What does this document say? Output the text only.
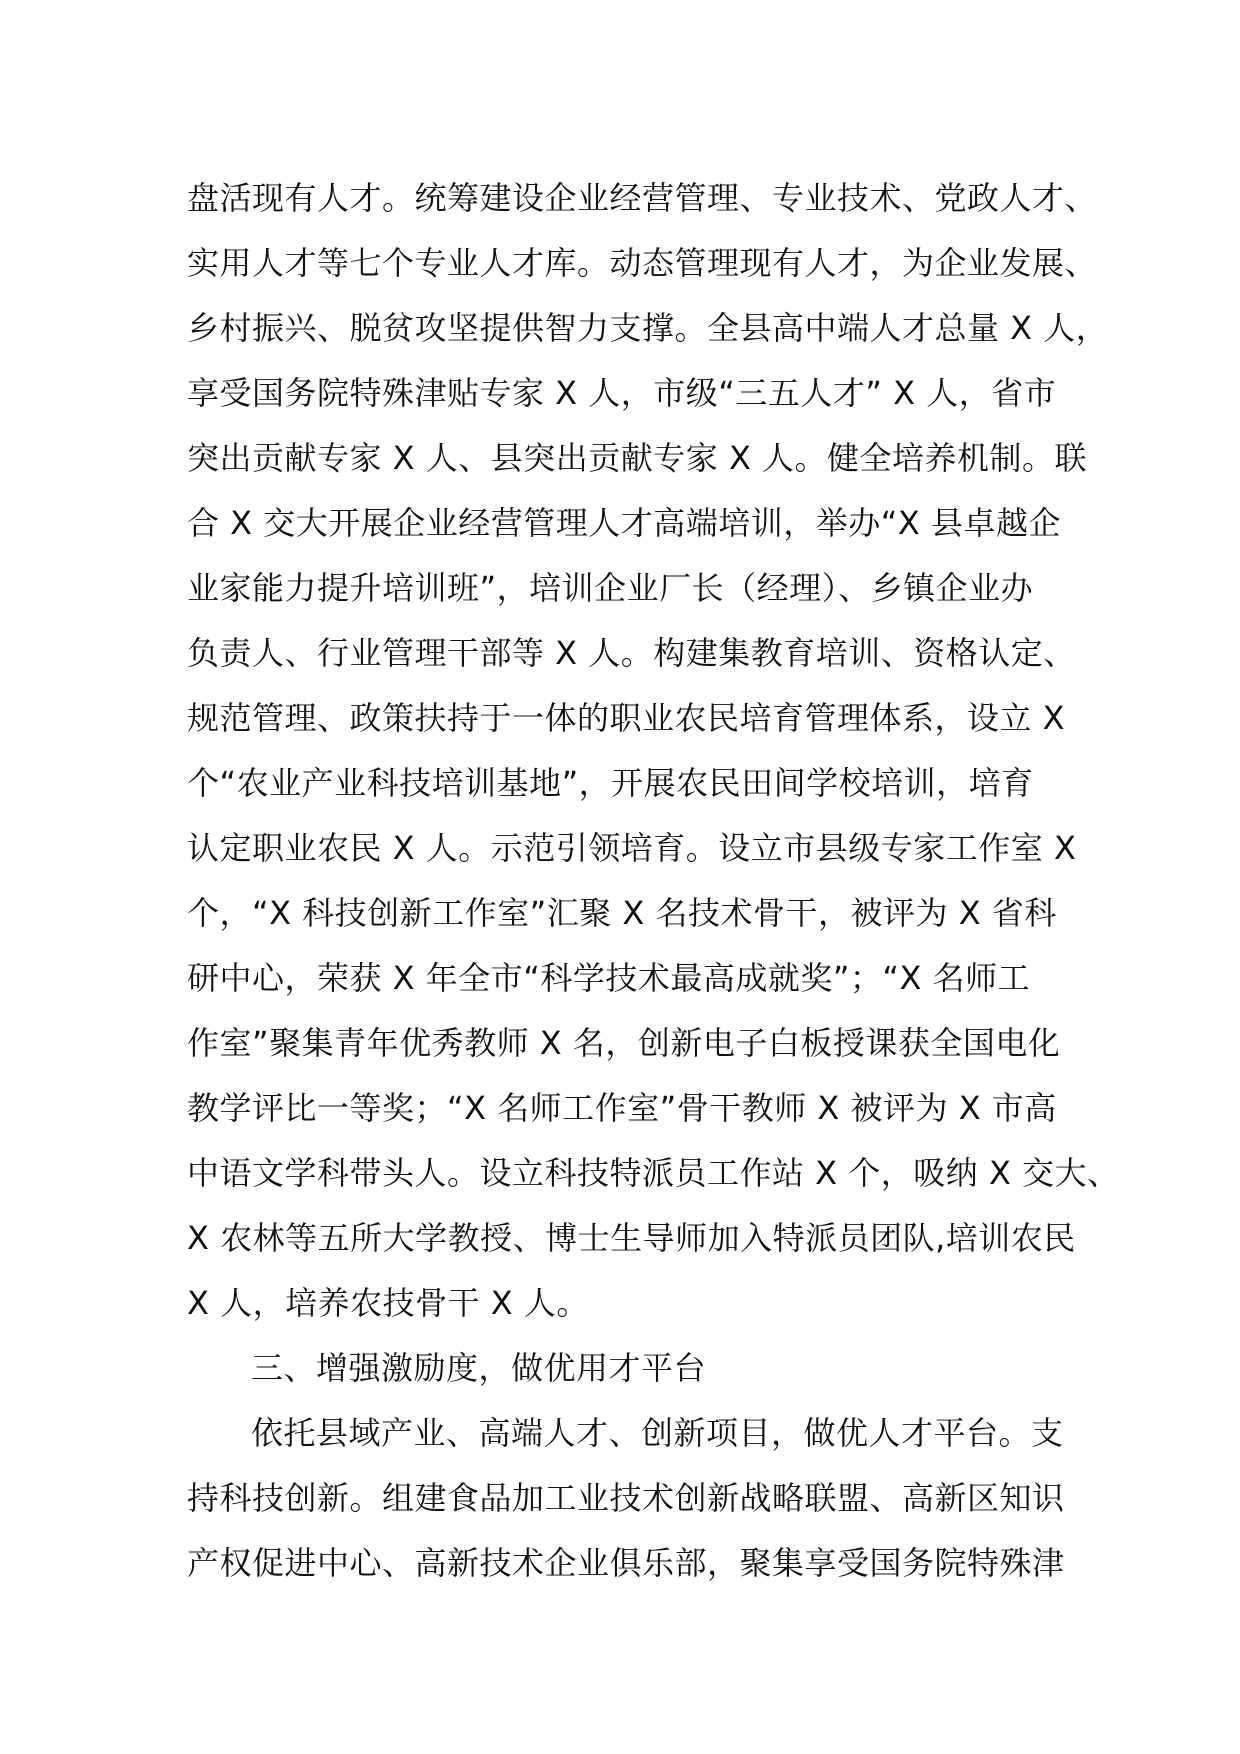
盘活现有人才。统筹建设企业经营管理、专业技术、党政人才、
实用人才等七个专业人才库。动态管理现有人才，为企业发展、
乡村振兴、脱贫攻坚提供智力支撑。全县高中端人才总量 X 人，
享受国务院特殊津贴专家 X 人，市级“三五人才” X 人，省市
突出贡献专家 X 人、县突出贡献专家 X 人。健全培养机制。联
合 X 交大开展企业经营管理人才高端培训，举办“X 县卓越企
业家能力提升培训班”，培训企业厂长（经理）、乡镇企业办
负责人、行业管理干部等 X 人。构建集教育培训、资格认定、
规范管理、政策扶持于一体的职业农民培育管理体系，设立 X
个“农业产业科技培训基地”，开展农民田间学校培训，培育
认定职业农民 X 人。示范引领培育。设立市县级专家工作室 X
个，“X 科技创新工作室”汇聚 X 名技术骨干，被评为 X 省科
研中心，荣获 X 年全市“科学技术最高成就奖”；“X 名师工
作室”聚集青年优秀教师 X 名，创新电子白板授课获全国电化
教学评比一等奖；“X 名师工作室”骨干教师 X 被评为 X 市高
中语文学科带头人。设立科技特派员工作站 X 个，吸纳 X 交大、
X 农林等五所大学教授、博士生导师加入特派员团队,培训农民
X 人，培养农技骨干 X 人。
三、增强激励度，做优用才平台
依托县域产业、高端人才、创新项目，做优人才平台。支
持科技创新。组建食品加工业技术创新战略联盟、高新区知识
产权促进中心、高新技术企业俱乐部，聚集享受国务院特殊津
